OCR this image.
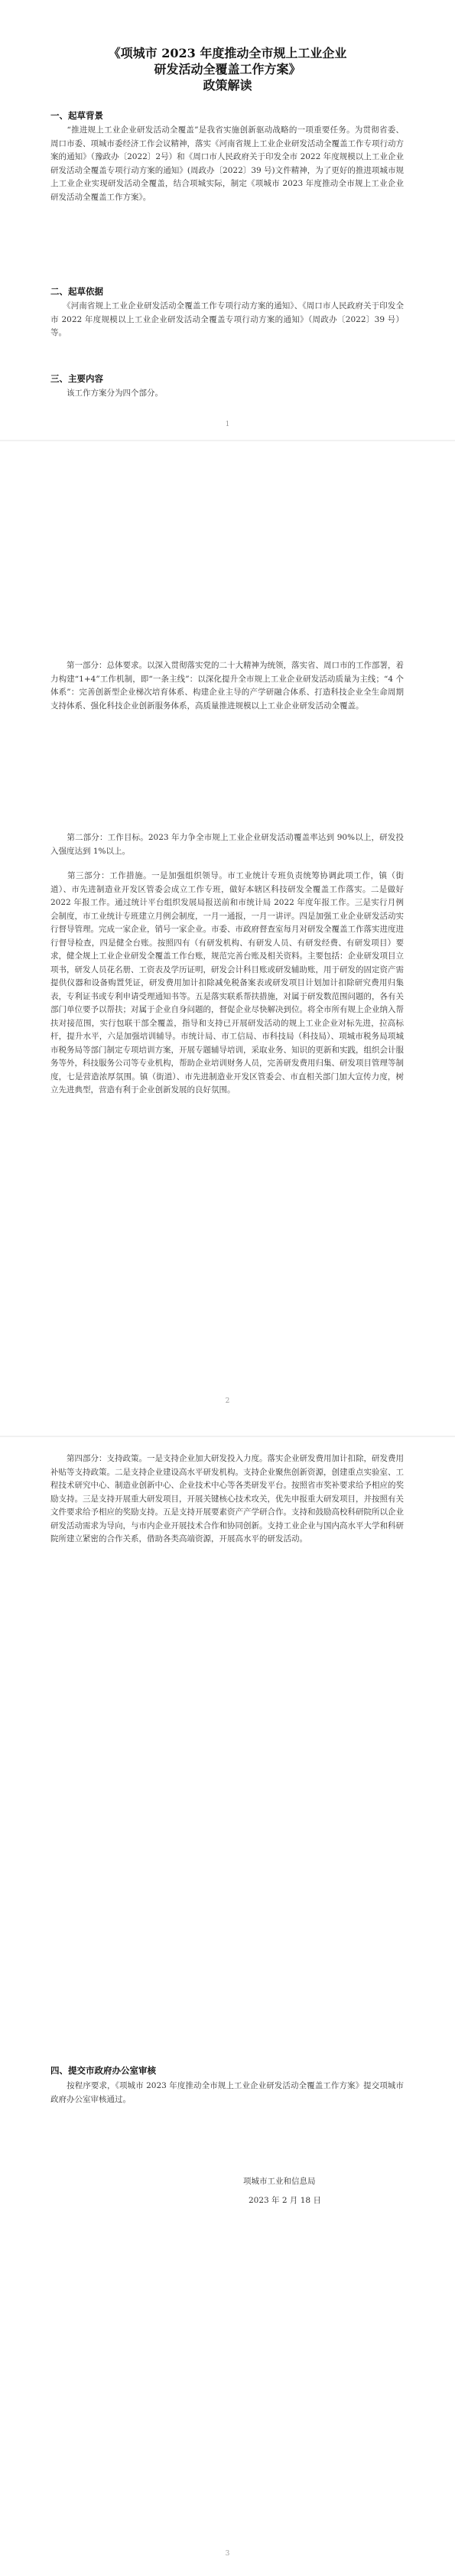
《项城市 2023 年度推动全市规上工业企业
研发活动全覆盖工作方案》
政策解读
一、起草背景
　　“推进规上工业企业研发活动全覆盖”是我省实施创新驱动战略的一项重要任务。为贯彻省委、周口市委、项城市委经济工作会议精神，落实《河南省规上工业企业研发活动全覆盖工作专项行动方案的通知》（豫政办〔2022〕2号）和《周口市人民政府关于印发全市 2022 年度规模以上工业企业研发活动全覆盖专项行动方案的通知》(周政办〔2022〕39 号)文件精神，为了更好的推进项城市规上工业企业实现研发活动全覆盖，结合项城实际，制定《项城市 2023 年度推动全市规上工业企业研发活动全覆盖工作方案》。
二、起草依据
　　《河南省规上工业企业研发活动全覆盖工作专项行动方案的通知》、《周口市人民政府关于印发全市 2022 年度规模以上工业企业研发活动全覆盖专项行动方案的通知》（周政办〔2022〕39 号）等。
三、主要内容
　　该工作方案分为四个部分。
1
　　第一部分：总体要求。以深入贯彻落实党的二十大精神为统领，落实省、周口市的工作部署，着力构建“1+4”工作机制，即“一条主线”：以深化提升全市规上工业企业研发活动质量为主线；“4 个体系”：完善创新型企业梯次培育体系、构建企业主导的产学研融合体系、打造科技企业全生命周期支持体系、强化科技企业创新服务体系，高质量推进规模以上工业企业研发活动全覆盖。
　　第二部分：工作目标。2023 年力争全市规上工业企业研发活动覆盖率达到 90%以上，研发投入强度达到 1%以上。
　　第三部分：工作措施。一是加强组织领导。市工业统计专班负责统筹协调此项工作，镇（街道）、市先进制造业开发区管委会成立工作专班，做好本辖区科技研发全覆盖工作落实。二是做好 2022 年报工作。通过统计平台组织发展局报送前和市统计局 2022 年度年报工作。三是实行月例会制度，市工业统计专班建立月例会制度，一月一通报，一月一讲评。四是加强工业企业研发活动实行督导管理。完成一家企业，销号一家企业。市委、市政府督查室每月对研发全覆盖工作落实进度进行督导检查，四是健全台账。按照四有（有研发机构、有研发人员、有研发经费、有研发项目）要求，健全规上工业企业研发全覆盖工作台账，规范完善台账及相关资料。主要包括：企业研发项目立项书，研发人员花名册、工资表及学历证明，研发会计科目账或研发辅助账，用于研发的固定资产需提供仪器和设备购置凭证，研发费用加计扣除减免税备案表或研发项目计划加计扣除研究费用归集表，专利证书或专利申请受理通知书等。五是落实联系帮扶措施，对属于研发数范围问题的，各有关部门单位要予以帮扶；对属于企业自身问题的，督促企业尽快解决到位。将全市所有规上企业纳入帮扶对接范围，实行包联干部全覆盖，指导和支持已开展研发活动的规上工业企业对标先进，拉高标杆，提升水平，六是加强培训辅导。市统计局、市工信局、市科技局（科技局）、项城市税务局项城市税务局等部门制定专项培训方案，开展专题辅导培训，采取业务、知识的更新和实践，组织会计服务等外，科技服务公司等专业机构，帮助企业培训财务人员，完善研发费用归集、研发项目管理等制度，七是营造浓厚氛围。镇（街道）、市先进制造业开发区管委会、市直相关部门加大宣传力度，树立先进典型，营造有利于企业创新发展的良好氛围。
2
　　第四部分：支持政策。一是支持企业加大研发投入力度。落实企业研发费用加计扣除，研发费用补贴等支持政策。二是支持企业建设高水平研发机构。支持企业聚焦创新资源，创建重点实验室、工程技术研究中心、制造业创新中心、企业技术中心等各类研发平台。按照省市奖补要求给予相应的奖励支持。三是支持开展重大研发项目，开展关键核心技术攻关，优先申报重大研发项目，并按照有关文件要求给予相应的奖励支持。五是支持开展要素资产产学研合作。支持和鼓励高校科研院所以企业研发活动需求为导向，与市内企业开展技术合作和协同创新。支持工业企业与国内高水平大学和科研院所建立紧密的合作关系，借助各类高端资源，开展高水平的研发活动。
四、提交市政府办公室审核
　　按程序要求，《项城市 2023 年度推动全市规上工业企业研发活动全覆盖工作方案》提交项城市政府办公室审核通过。
项城市工业和信息局
2023 年 2 月 18 日
3
